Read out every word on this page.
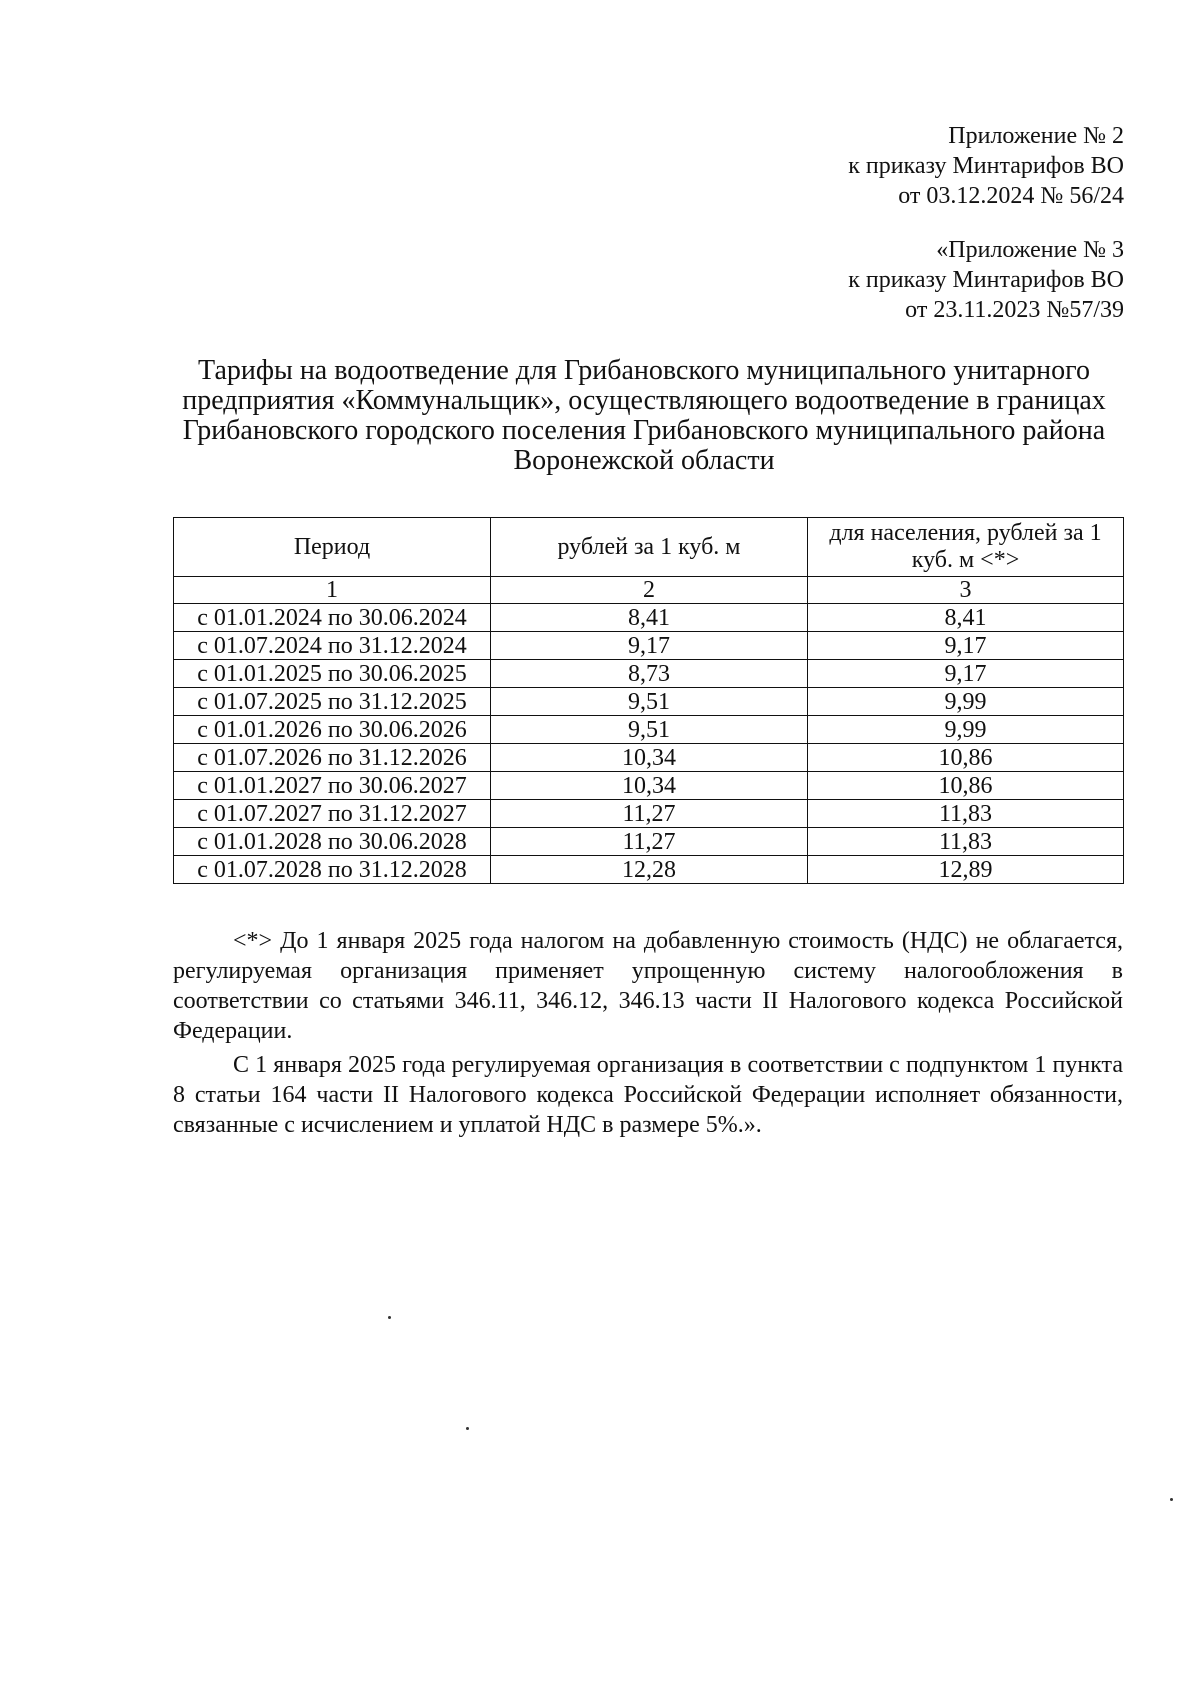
Приложение № 2
к приказу Минтарифов ВО
от 03.12.2024 № 56/24
«Приложение № 3
к приказу Минтарифов ВО
от 23.11.2023 №57/39
Тарифы на водоотведение для Грибановского муниципального унитарного
предприятия «Коммунальщик», осуществляющего водоотведение в границах
Грибановского городского поселения Грибановского муниципального района
Воронежской области
Период	рублей за 1 куб. м	для населения, рублей за 1 куб. м <*>
1	2	3
с 01.01.2024 по 30.06.2024	8,41	8,41
с 01.07.2024 по 31.12.2024	9,17	9,17
с 01.01.2025 по 30.06.2025	8,73	9,17
с 01.07.2025 по 31.12.2025	9,51	9,99
с 01.01.2026 по 30.06.2026	9,51	9,99
с 01.07.2026 по 31.12.2026	10,34	10,86
с 01.01.2027 по 30.06.2027	10,34	10,86
с 01.07.2027 по 31.12.2027	11,27	11,83
с 01.01.2028 по 30.06.2028	11,27	11,83
с 01.07.2028 по 31.12.2028	12,28	12,89

<*> До 1 января 2025 года налогом на добавленную стоимость (НДС) не облагается, регулируемая организация применяет упрощенную систему налогообложения в соответствии со статьями 346.11, 346.12, 346.13 части II Налогового кодекса Российской Федерации.

С 1 января 2025 года регулируемая организация в соответствии с подпунктом 1 пункта 8 статьи 164 части II Налогового кодекса Российской Федерации исполняет обязанности, связанные с исчислением и уплатой НДС в размере 5%.».
